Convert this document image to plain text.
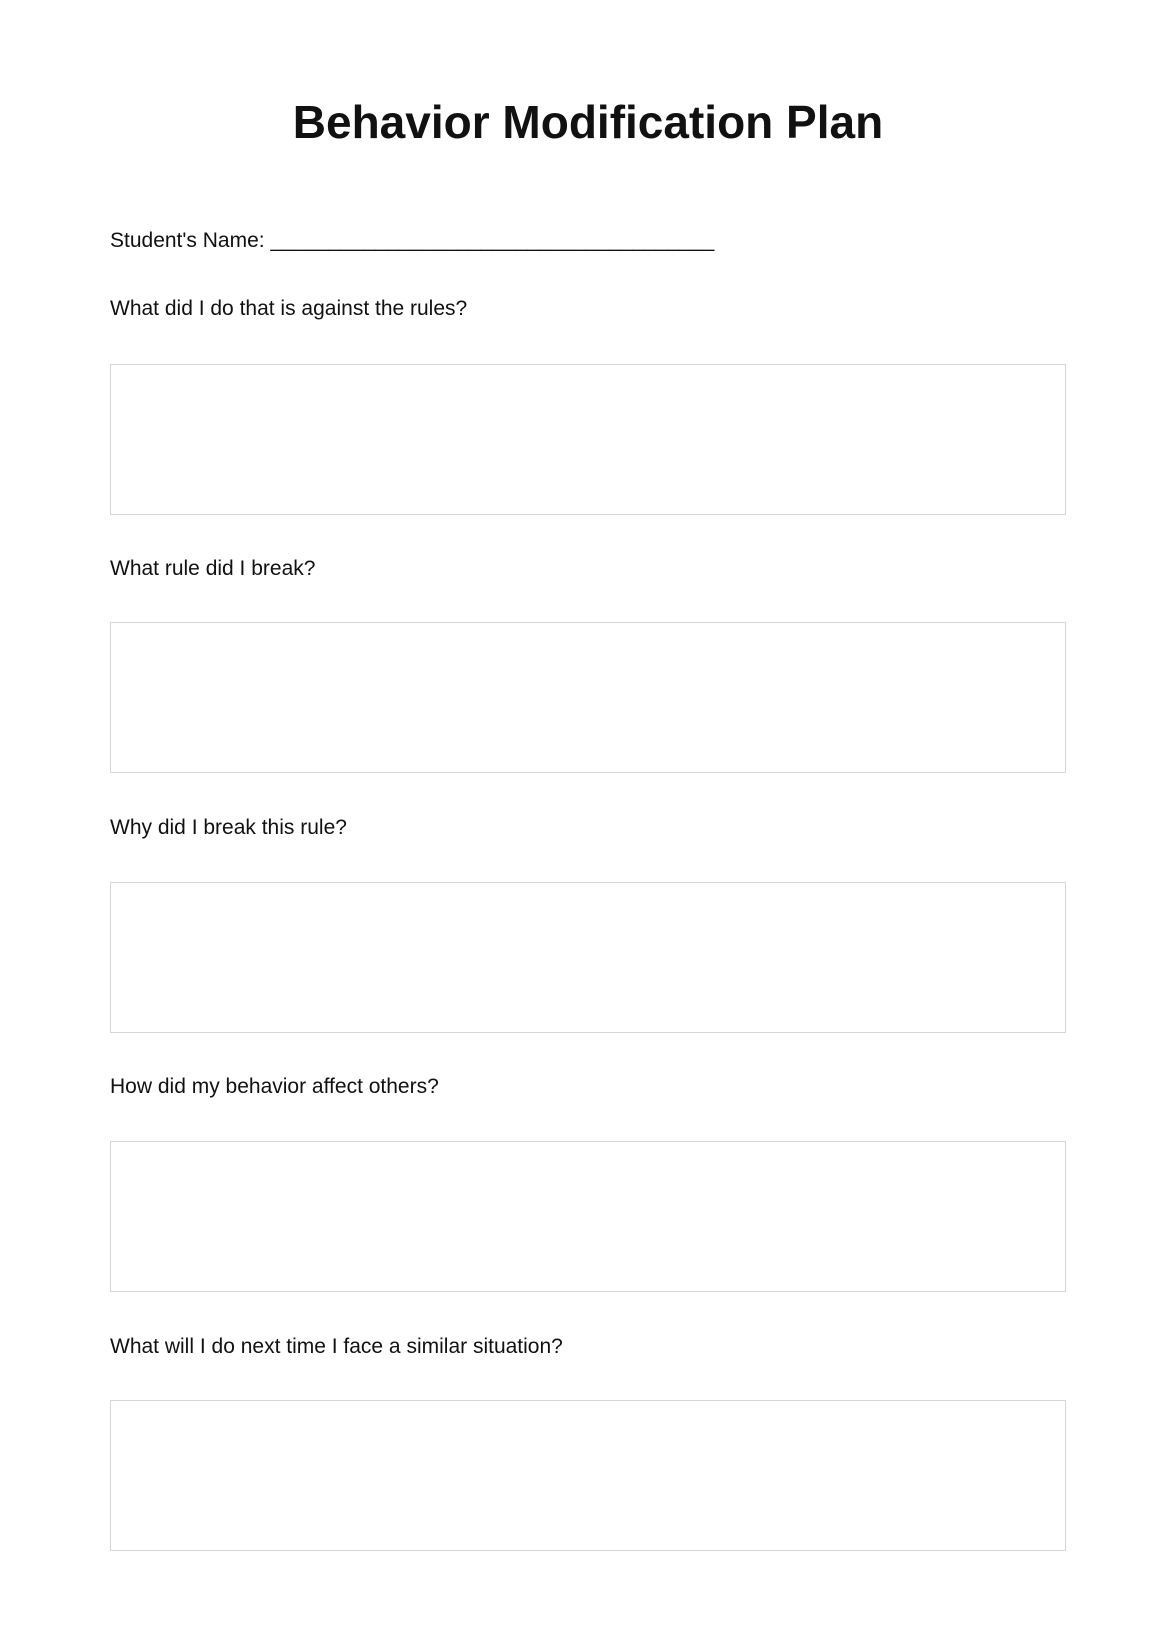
Behavior Modification Plan
Student's Name: ______________________________________
What did I do that is against the rules?
What rule did I break?
Why did I break this rule?
How did my behavior affect others?
What will I do next time I face a similar situation?
